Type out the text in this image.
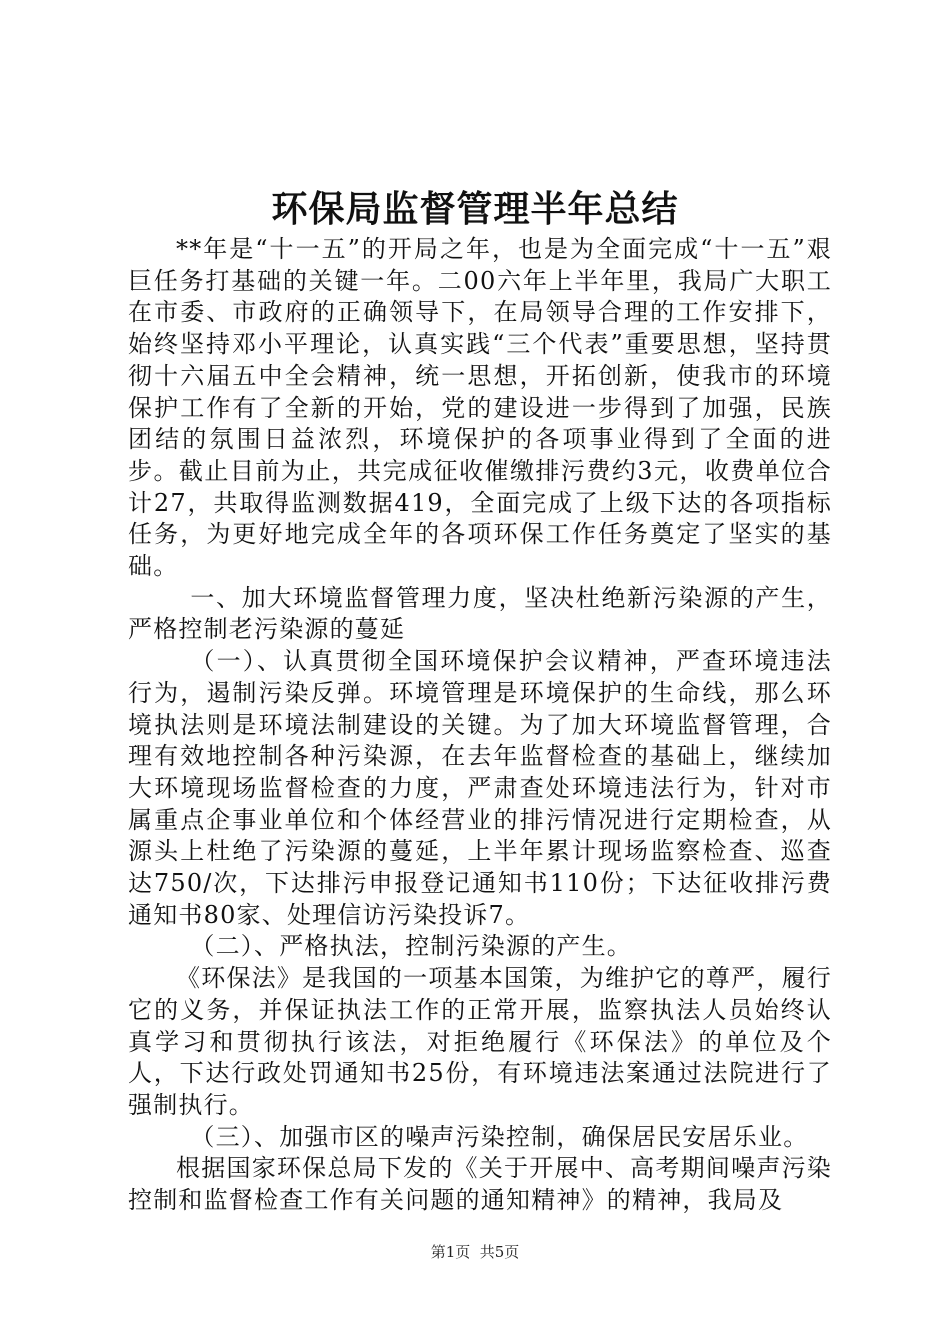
环保局监督管理半年总结

**年是“十一五”的开局之年，也是为全面完成“十一五”艰巨任务打基础的关键一年。二00六年上半年里，我局广大职工在市委、市政府的正确领导下，在局领导合理的工作安排下，始终坚持邓小平理论，认真实践“三个代表”重要思想，坚持贯彻十六届五中全会精神，统一思想，开拓创新，使我市的环境保护工作有了全新的开始，党的建设进一步得到了加强，民族团结的氛围日益浓烈，环境保护的各项事业得到了全面的进步。截止目前为止，共完成征收催缴排污费约3元，收费单位合计27，共取得监测数据419，全面完成了上级下达的各项指标任务，为更好地完成全年的各项环保工作任务奠定了坚实的基础。

一、加大环境监督管理力度，坚决杜绝新污染源的产生，严格控制老污染源的蔓延

（一）、认真贯彻全国环境保护会议精神，严查环境违法行为，遏制污染反弹。环境管理是环境保护的生命线，那么环境执法则是环境法制建设的关键。为了加大环境监督管理，合理有效地控制各种污染源，在去年监督检查的基础上，继续加大环境现场监督检查的力度，严肃查处环境违法行为，针对市属重点企事业单位和个体经营业的排污情况进行定期检查，从源头上杜绝了污染源的蔓延，上半年累计现场监察检查、巡查达750/次，下达排污申报登记通知书110份；下达征收排污费通知书80家、处理信访污染投诉7。

（二）、严格执法，控制污染源的产生。

《环保法》是我国的一项基本国策，为维护它的尊严，履行它的义务，并保证执法工作的正常开展，监察执法人员始终认真学习和贯彻执行该法，对拒绝履行《环保法》的单位及个人，下达行政处罚通知书25份，有环境违法案通过法院进行了强制执行。

（三）、加强市区的噪声污染控制，确保居民安居乐业。

根据国家环保总局下发的《关于开展中、高考期间噪声污染控制和监督检查工作有关问题的通知精神》的精神，我局及

第1页  共5页
